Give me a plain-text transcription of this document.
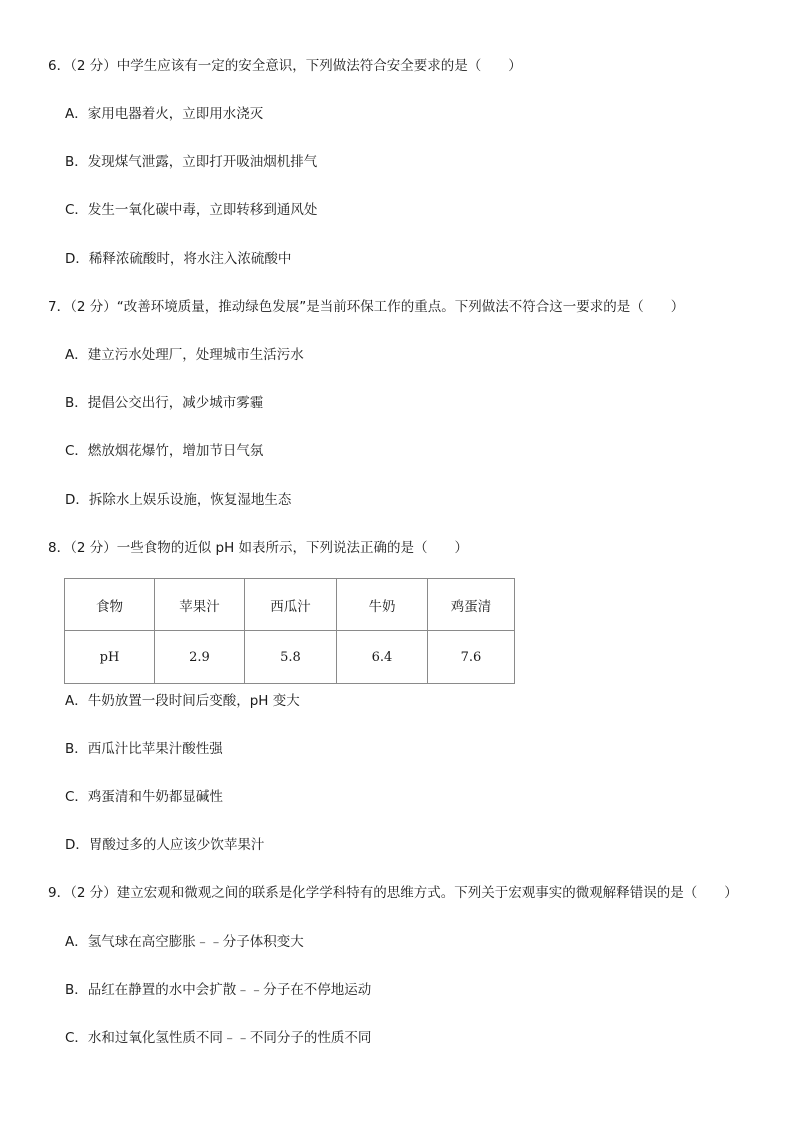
6．（2 分）中学生应该有一定的安全意识，下列做法符合安全要求的是（　　）
A．家用电器着火，立即用水浇灭
B．发现煤气泄露，立即打开吸油烟机排气
C．发生一氧化碳中毒，立即转移到通风处
D．稀释浓硫酸时，将水注入浓硫酸中
7．（2 分）“改善环境质量，推动绿色发展”是当前环保工作的重点。下列做法不符合这一要求的是（　　）
A．建立污水处理厂，处理城市生活污水
B．提倡公交出行，减少城市雾霾
C．燃放烟花爆竹，增加节日气氛
D．拆除水上娱乐设施，恢复湿地生态
8．（2 分）一些食物的近似 pH 如表所示，下列说法正确的是（　　）
食物	苹果汁	西瓜汁	牛奶	鸡蛋清
pH	2.9	5.8	6.4	7.6
A．牛奶放置一段时间后变酸，pH 变大
B．西瓜汁比苹果汁酸性强
C．鸡蛋清和牛奶都显碱性
D．胃酸过多的人应该少饮苹果汁
9．（2 分）建立宏观和微观之间的联系是化学学科特有的思维方式。下列关于宏观事实的微观解释错误的是（　　）
A．氢气球在高空膨胀﹣﹣分子体积变大
B．品红在静置的水中会扩散﹣﹣分子在不停地运动
C．水和过氧化氢性质不同﹣﹣不同分子的性质不同
